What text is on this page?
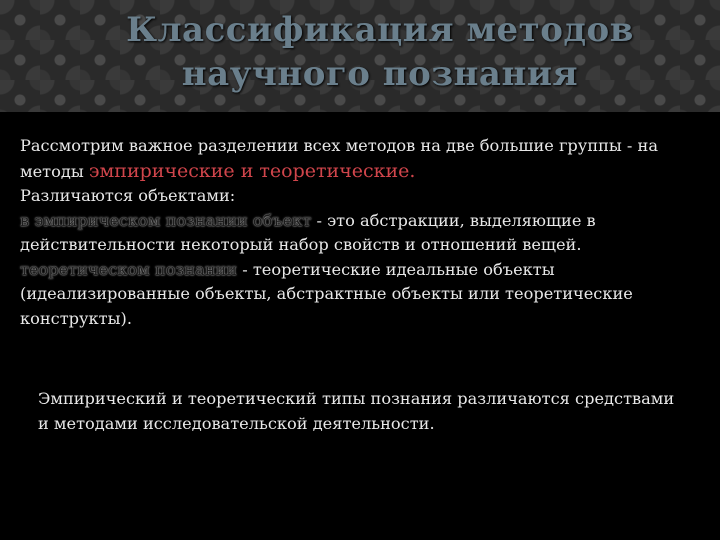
Классификация методов
научного познания

Рассмотрим важное разделении всех методов на две большие группы - на методы эмпирические и теоретические.

Различаются объектами:

в эмпирическом познании объект - это абстракции, выделяющие в действительности некоторый набор свойств и отношений вещей.

теоретическом познании - теоретические идеальные объекты (идеализированные объекты, абстрактные объекты или теоретические конструкты).

Эмпирический и теоретический типы познания различаются средствами и методами исследовательской деятельности.
